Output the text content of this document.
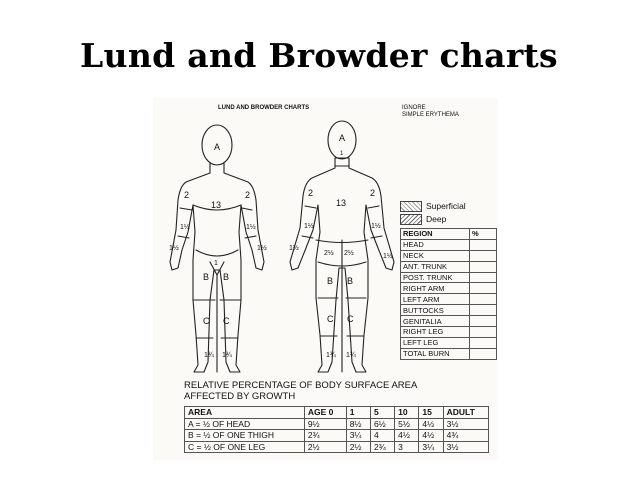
Lund and Browder charts
LUND AND BROWDER CHARTS	IGNORE
SIMPLE ERYTHEMA
A
13
2	2
1½	1½
1½	1½
1
B B
C C
1¾ 1¾
A
1
13
2	2
1½	1½
1½
1½
2½ 2½
B B
C C
1¾ 1¾
Superficial
Deep
REGION	%
HEAD	
NECK	
ANT. TRUNK	
POST. TRUNK	
RIGHT ARM	
LEFT ARM	
BUTTOCKS	
GENITALIA	
RIGHT LEG	
LEFT LEG	
TOTAL BURN	
RELATIVE PERCENTAGE OF BODY SURFACE AREA
AFFECTED BY GROWTH
AREA	AGE 0	1	5	10	15	ADULT
A = ½ OF HEAD	9½	8½	6½	5½	4½	3½
B = ½ OF ONE THIGH	2¾	3¼	4	4½	4½	4¾
C = ½ OF ONE LEG	2½	2½	2¾	3	3¼	3½
